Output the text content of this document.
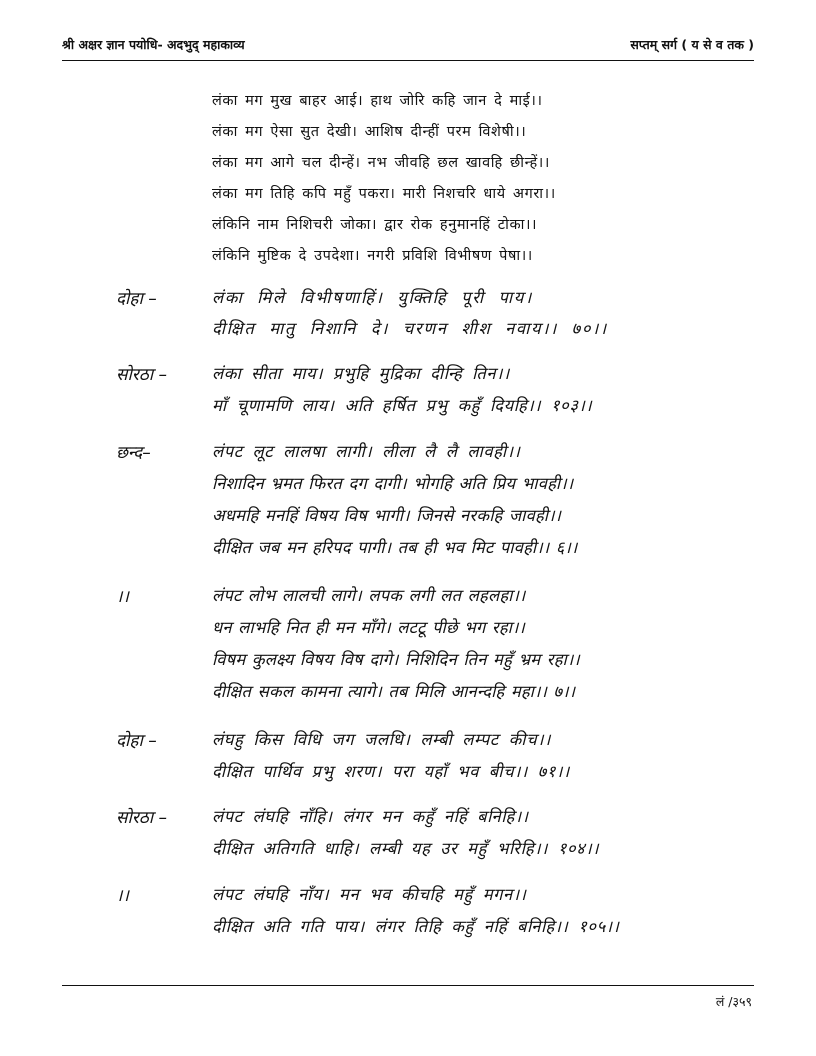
श्री अक्षर ज्ञान पयोधि- अदभुद् महाकाव्य	सप्तम् सर्ग ( य से व तक )
लंका मग मुख बाहर आई। हाथ जोरि कहि जान दे माई।।
लंका मग ऐसा सुत देखी। आशिष दीन्हीं परम विशेषी।।
लंका मग आगे चल दीन्हें। नभ जीवहि छल खावहि छीन्हें।।
लंका मग तिहि कपि महुँ पकरा। मारी निशचरि धाये अगरा।।
लंकिनि नाम निशिचरी जोका। द्वार रोक हनुमानहिं टोका।।
लंकिनि मुष्टिक दे उपदेशा। नगरी प्रविशि विभीषण पेषा।।
दोहा –	लंका मिले विभीषणाहिं। युक्तिहि पूरी पाय।
दीक्षित मातु निशानि दे। चरणन शीश नवाय।। ७०।।
सोरठा –	लंका सीता माय। प्रभुहि मुद्रिका दीन्हि तिन।।
माँ चूणामणि लाय। अति हर्षित प्रभु कहुँ दियहि।। १०३।।
छन्द–	लंपट लूट लालषा लागी। लीला लै लै लावही।।
निशादिन भ्रमत फिरत दग दागी। भोगहि अति प्रिय भावही।।
अधमहि मनहिं विषय विष भागी। जिनसे नरकहि जावही।।
दीक्षित जब मन हरिपद पागी। तब ही भव मिट पावही।। ६।।
।।	लंपट लोभ लालची लागे। लपक लगी लत लहलहा।।
धन लाभहि नित ही मन माँगे। लटटू पीछे भग रहा।।
विषम कुलक्ष्य विषय विष दागे। निशिदिन तिन महुँ भ्रम रहा।।
दीक्षित सकल कामना त्यागे। तब मिलि आनन्दहि महा।। ७।।
दोहा –	लंघहु किस विधि जग जलधि। लम्बी लम्पट कीच।।
दीक्षित पार्थिव प्रभु शरण। परा यहाँ भव बीच।। ७१।।
सोरठा –	लंपट लंघहि नाँहि। लंगर मन कहुँ नहिं बनिहि।।
दीक्षित अतिगति धाहि। लम्बी यह उर महुँ भरिहि।। १०४।।
।।	लंपट लंघहि नाँय। मन भव कीचहि महुँ मगन।।
दीक्षित अति गति पाय। लंगर तिहि कहुँ नहिं बनिहि।। १०५।।
लं /३५९
